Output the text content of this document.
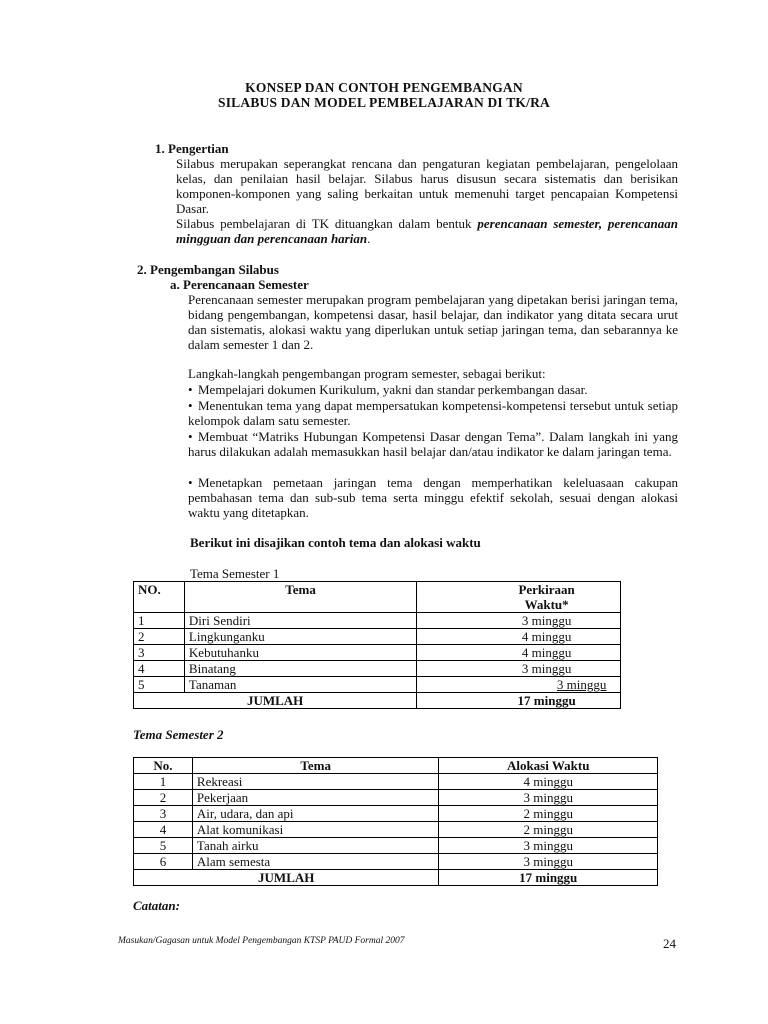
KONSEP DAN CONTOH PENGEMBANGAN
SILABUS DAN MODEL PEMBELAJARAN DI TK/RA
1. Pengertian
Silabus merupakan seperangkat rencana dan pengaturan kegiatan pembelajaran, pengelolaan kelas, dan penilaian hasil belajar. Silabus harus disusun secara sistematis dan berisikan komponen-komponen yang saling berkaitan untuk memenuhi target pencapaian Kompetensi Dasar.
Silabus pembelajaran di TK dituangkan dalam bentuk perencanaan semester, perencanaan mingguan dan perencanaan harian.
2. Pengembangan Silabus
a. Perencanaan Semester
Perencanaan semester merupakan program pembelajaran yang dipetakan berisi jaringan tema, bidang pengembangan, kompetensi dasar, hasil belajar, dan indikator yang ditata secara urut dan sistematis, alokasi waktu yang diperlukan untuk setiap jaringan tema, dan sebarannya ke dalam semester 1 dan 2.
Langkah-langkah pengembangan program semester, sebagai berikut:
• Mempelajari dokumen Kurikulum, yakni dan standar perkembangan dasar.
• Menentukan tema yang dapat mempersatukan kompetensi-kompetensi tersebut untuk setiap kelompok dalam satu semester.
• Membuat “Matriks Hubungan Kompetensi Dasar dengan Tema”. Dalam langkah ini yang harus dilakukan adalah memasukkan hasil belajar dan/atau indikator ke dalam jaringan tema.
• Menetapkan pemetaan jaringan tema dengan memperhatikan keleluasaan cakupan pembahasan tema dan sub-sub tema serta minggu efektif sekolah, sesuai dengan alokasi waktu yang ditetapkan.
Berikut ini disajikan contoh tema dan alokasi waktu
Tema Semester 1
NO.	Tema	Perkiraan
Waktu*

1	Diri Sendiri	3 minggu
2	Lingkunganku	4 minggu
3	Kebutuhanku	4 minggu
4	Binatang	3 minggu
5	Tanaman	3 minggu
JUMLAH		17 minggu
Tema Semester 2
No.	Tema	Alokasi Waktu
1	Rekreasi	4 minggu
2	Pekerjaan	3 minggu
3	Air, udara, dan api	2 minggu
4	Alat komunikasi	2 minggu
5	Tanah airku	3 minggu
6	Alam semesta	3 minggu
JUMLAH		17 minggu
Catatan:
Masukan/Gagasan untuk Model Pengembangan KTSP PAUD Formal 2007	24
